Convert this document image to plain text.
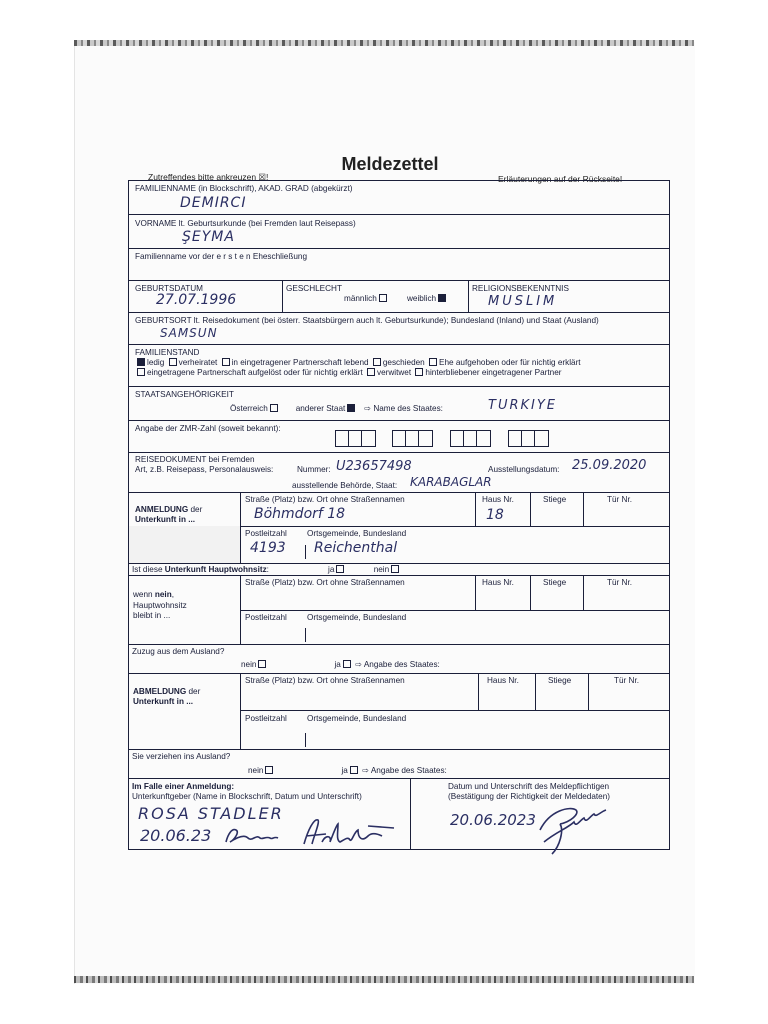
Meldezettel
Zutreffendes bitte ankreuzen ☒!	Erläuterungen auf der Rückseite!
FAMILIENNAME (in Blockschrift), AKAD. GRAD (abgekürzt)
DEMIRCI
VORNAME lt. Geburtsurkunde (bei Fremden laut Reisepass)
ŞEYMA
Familienname vor der e r s t e n Eheschließung
GEBURTSDATUM
27.07.1996
GESCHLECHT
männlich	weiblich
RELIGIONSBEKENNTNIS
MUSLIM
GEBURTSORT lt. Reisedokument (bei österr. Staatsbürgern auch lt. Geburtsurkunde); Bundesland (Inland) und Staat (Ausland)
SAMSUN
FAMILIENSTAND
ledig verheiratet in eingetragener Partnerschaft lebend geschieden Ehe aufgehoben oder für nichtig erklärt
eingetragene Partnerschaft aufgelöst oder für nichtig erklärt verwitwet hinterbliebener eingetragener Partner
STAATSANGEHÖRIGKEIT
Österreich	anderer Staat ⇨ Name des Staates:	TURKIYE
Angabe der ZMR-Zahl (soweit bekannt):
REISEDOKUMENT bei Fremden
Art, z.B. Reisepass, Personalausweis:	Nummer: U23657498	Ausstellungsdatum: 25.09.2020
ausstellende Behörde, Staat: KARABAGLAR
ANMELDUNG der
Unterkunft in ...
Straße (Platz) bzw. Ort ohne Straßennamen	Haus Nr.	Stiege	Tür Nr.
Böhmdorf 18	18
Postleitzahl Ortsgemeinde, Bundesland
4193 Reichenthal
Ist diese Unterkunft Hauptwohnsitz:	ja	nein
wenn nein,
Hauptwohnsitz
bleibt in ...
Straße (Platz) bzw. Ort ohne Straßennamen	Haus Nr.	Stiege	Tür Nr.
Postleitzahl Ortsgemeinde, Bundesland
Zuzug aus dem Ausland?
nein	ja ⇨ Angabe des Staates:
ABMELDUNG der
Unterkunft in ...
Straße (Platz) bzw. Ort ohne Straßennamen	Haus Nr.	Stiege	Tür Nr.
Postleitzahl Ortsgemeinde, Bundesland
Sie verziehen ins Ausland?
nein	ja ⇨ Angabe des Staates:
Im Falle einer Anmeldung:
Unterkunftgeber (Name in Blockschrift, Datum und Unterschrift)
ROSA STADLER
20.06.23
Datum und Unterschrift des Meldepflichtigen
(Bestätigung der Richtigkeit der Meldedaten)
20.06.2023
